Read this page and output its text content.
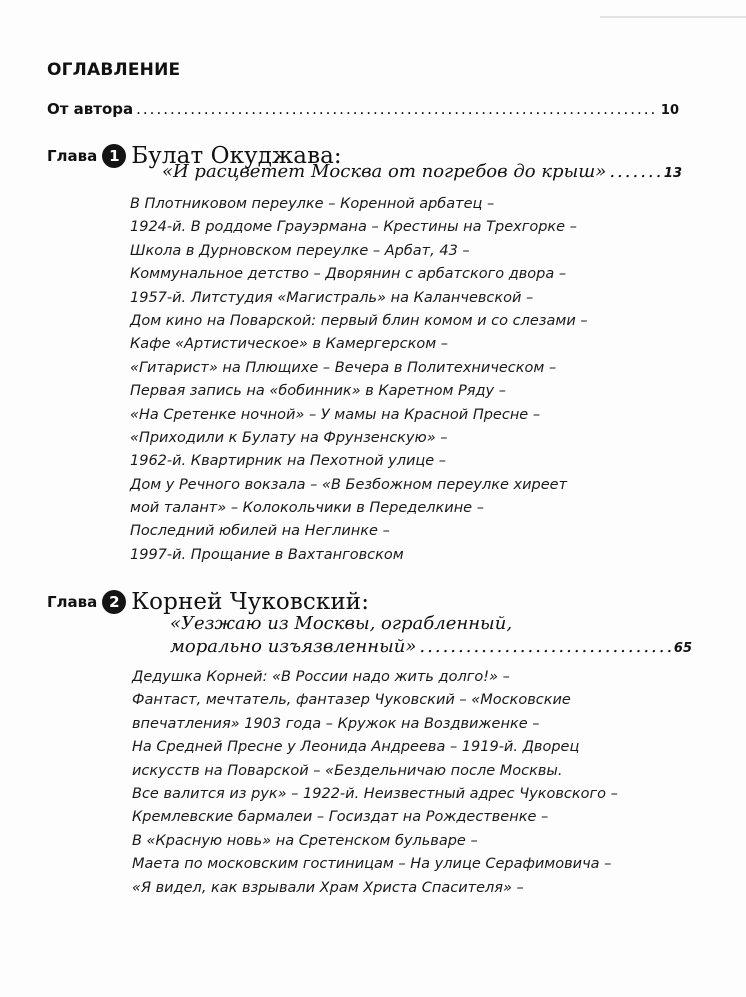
ОГЛАВЛЕНИЕ
От автора .....	10
Глава 1 Булат Окуджава:
«И расцветет Москва от погребов до крыш» .....	13
В Плотниковом переулке – Коренной арбатец –
1924-й. В роддоме Грауэрмана – Крестины на Трехгорке –
Школа в Дурновском переулке – Арбат, 43 –
Коммунальное детство – Дворянин с арбатского двора –
1957-й. Литстудия «Магистраль» на Каланчевской –
Дом кино на Поварской: первый блин комом и со слезами –
Кафе «Артистическое» в Камергерском –
«Гитарист» на Плющихе – Вечера в Политехническом –
Первая запись на «бобинник» в Каретном Ряду –
«На Сретенке ночной» – У мамы на Красной Пресне –
«Приходили к Булату на Фрунзенскую» –
1962-й. Квартирник на Пехотной улице –
Дом у Речного вокзала – «В Безбожном переулке хиреет
мой талант» – Колокольчики в Переделкине –
Последний юбилей на Неглинке –
1997-й. Прощание в Вахтанговском
Глава 2 Корней Чуковский:
«Уезжаю из Москвы, ограбленный,
морально изъязвленный» .....	65
Дедушка Корней: «В России надо жить долго!» –
Фантаст, мечтатель, фантазер Чуковский – «Московские
впечатления» 1903 года – Кружок на Воздвиженке –
На Средней Пресне у Леонида Андреева – 1919-й. Дворец
искусств на Поварской – «Бездельничаю после Москвы.
Все валится из рук» – 1922-й. Неизвестный адрес Чуковского –
Кремлевские бармалеи – Госиздат на Рождественке –
В «Красную новь» на Сретенском бульваре –
Маета по московским гостиницам – На улице Серафимовича –
«Я видел, как взрывали Храм Христа Спасителя» –
